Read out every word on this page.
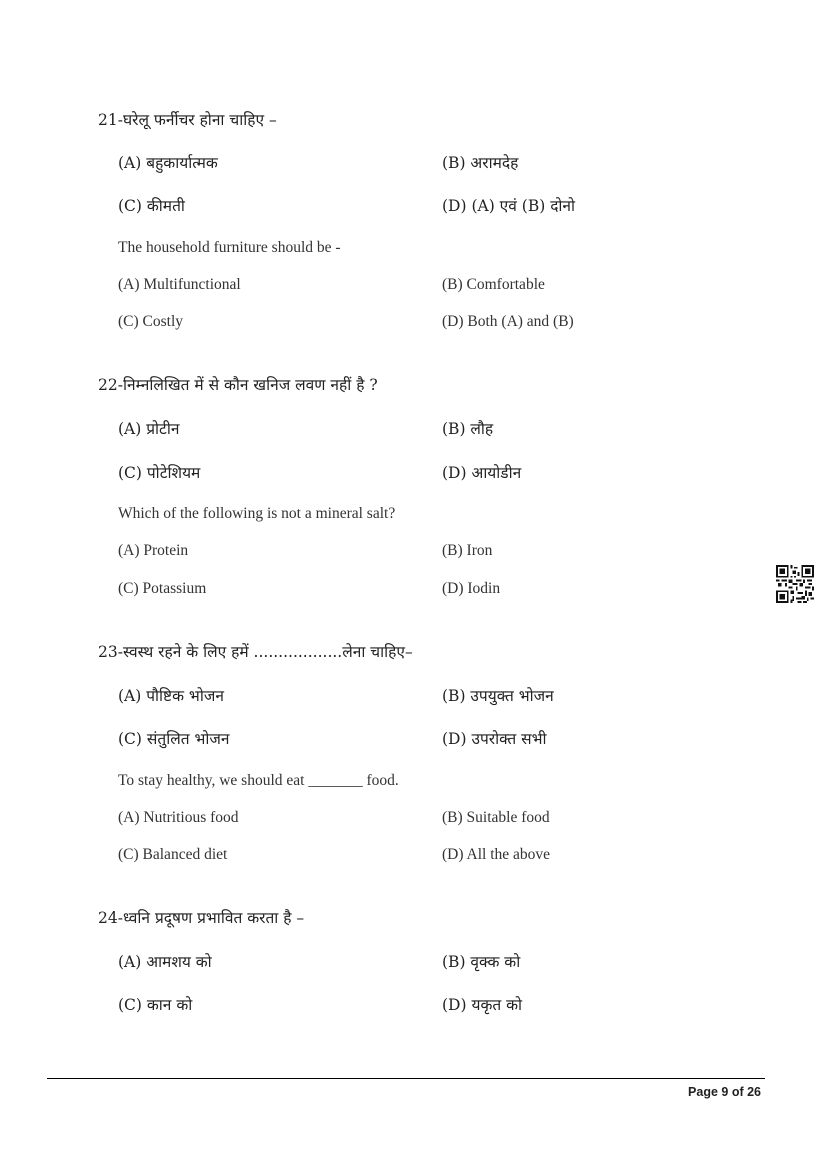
21-घरेलू फर्नीचर होना चाहिए –
(A) बहुकार्यात्मक	(B) अरामदेह
(C) कीमती	(D) (A) एवं (B) दोनो
The household furniture should be -
(A) Multifunctional	(B) Comfortable
(C) Costly	(D) Both (A) and (B)
22-निम्नलिखित में से कौन खनिज लवण नहीं है ?
(A) प्रोटीन	(B) लौह
(C) पोटेशियम	(D) आयोडीन
Which of the following is not a mineral salt?
(A) Protein	(B) Iron
(C) Potassium	(D) Iodin
23-स्वस्थ रहने के लिए हमें ..................लेना चाहिए–
(A) पौष्टिक भोजन	(B) उपयुक्त भोजन
(C) संतुलित भोजन	(D) उपरोक्त सभी
To stay healthy, we should eat _______ food.
(A) Nutritious food	(B) Suitable food
(C) Balanced diet	(D) All the above
24-ध्वनि प्रदूषण प्रभावित करता है –
(A) आमशय को	(B) वृक्क को
(C) कान को	(D) यकृत को
Page 9 of 26
